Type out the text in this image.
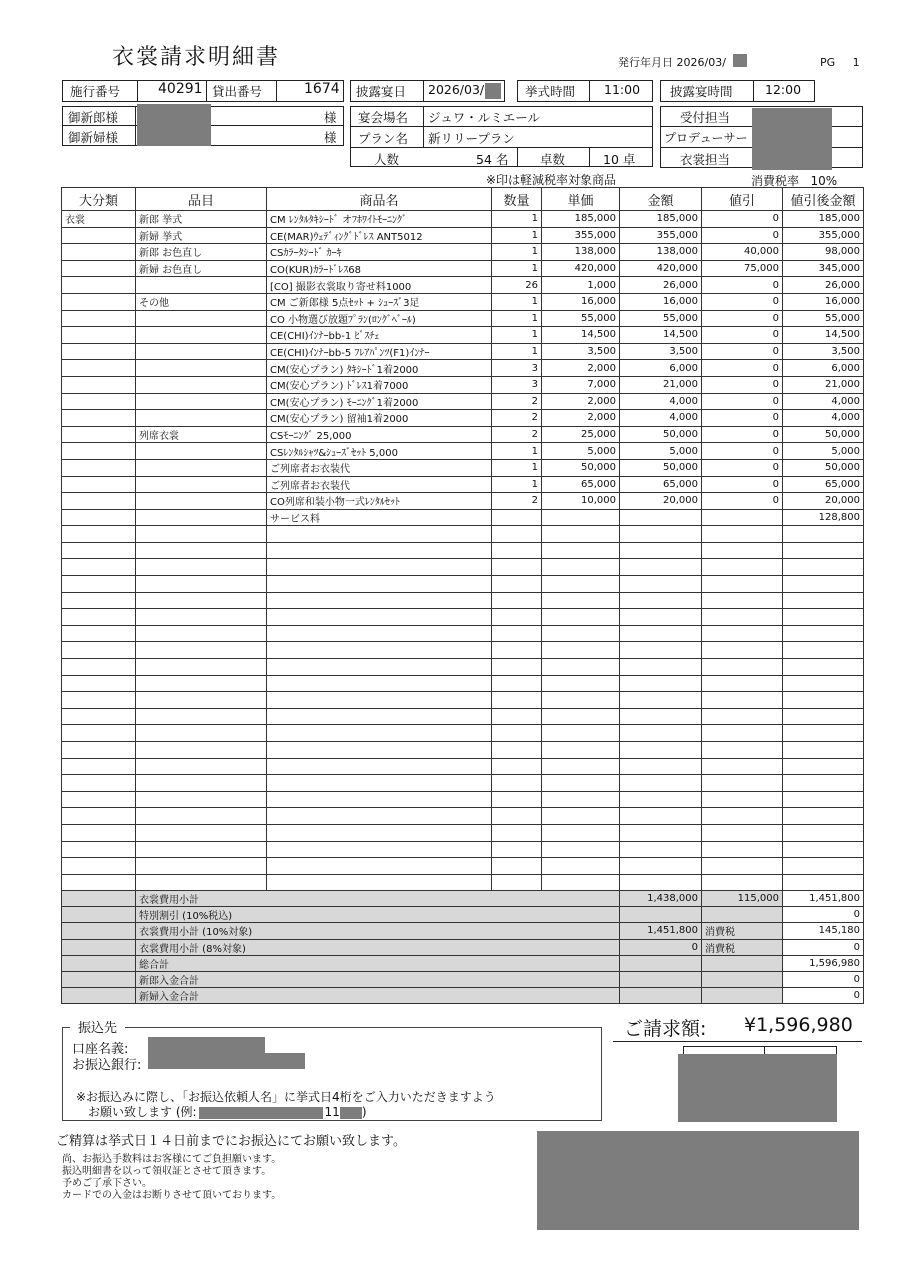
衣裳請求明細書	発行年月日 2026/03/	PG 1
施行番号	40291 貸出番号	1674 披露宴日 2026/03/	挙式時間 11:00 披露宴時間	12:00
御新郎様
御新婦様
様
様
宴会場名 ジュワ・ルミエール
プラン名 新リリープラン
人数	54 名	卓数	10 卓
受付担当
プロデューサー
衣裳担当
※印は軽減税率対象商品	消費税率 10%
大分類	品目	商品名	数量	単価	金額	値引	値引後金額
衣裳	新郎 挙式	CM ﾚﾝﾀﾙﾀｷｼｰﾄﾞ オﾌﾎﾜｲﾄﾓｰﾆﾝｸﾞ	1	185,000	185,000	0	185,000
	新婦 挙式	CE(MAR)ｳｪﾃﾞｨﾝｸﾞﾄﾞﾚｽ ANT5012	1	355,000	355,000	0	355,000
	新郎 お色直し	CSｶﾗｰﾀｼｰﾄﾞ ｶｰｷ	1	138,000	138,000	40,000	98,000
	新婦 お色直し	CO(KUR)ｶﾗｰﾄﾞﾚｽ68	1	420,000	420,000	75,000	345,000
		[CO] 撮影衣裳取り寄せ料1000	26	1,000	26,000	0	26,000
	その他	CM ご新郎様 5点ｾｯﾄ + ｼｭｰｽﾞ3足	1	16,000	16,000	0	16,000
		CO 小物選び放題ﾌﾟﾗﾝ(ﾛﾝｸﾞﾍﾞｰﾙ)	1	55,000	55,000	0	55,000
		CE(CHI)ｲﾝﾅｰbb-1 ﾋﾞｽﾁｪ	1	14,500	14,500	0	14,500
		CE(CHI)ｲﾝﾅｰbb-5 ﾌﾚｱﾊﾟﾝﾂ(F1)ｲﾝﾅｰ	1	3,500	3,500	0	3,500
		CM(安心プラン) ﾀｷｼｰﾄﾞ1着2000	3	2,000	6,000	0	6,000
		CM(安心プラン) ﾄﾞﾚｽ1着7000	3	7,000	21,000	0	21,000
		CM(安心プラン) ﾓｰﾆﾝｸﾞ1着2000	2	2,000	4,000	0	4,000
		CM(安心プラン) 留袖1着2000	2	2,000	4,000	0	4,000
	列席衣裳	CSﾓｰﾆﾝｸﾞ 25,000	2	25,000	50,000	0	50,000
		CSﾚﾝﾀﾙｼｬﾂ&ｼｭｰｽﾞｾｯﾄ 5,000	1	5,000	5,000	0	5,000
		ご列席者お衣装代	1	50,000	50,000	0	50,000
		ご列席者お衣装代	1	65,000	65,000	0	65,000
		CO列席和装小物一式ﾚﾝﾀﾙｾｯﾄ	2	10,000	20,000	0	20,000
		サービス料					128,800

	衣裳費用小計	1,438,000	115,000	1,451,800
	特別割引 (10%税込)			0
	衣裳費用小計 (10%対象)	1,451,800	消費税	145,180
	衣裳費用小計 (8%対象)	0	消費税	0
	総合計			1,596,980
	新郎入金合計			0
	新婦入金合計			0
振込先
口座名義:
お振込銀行:
※お振込みに際し、「お振込依頼人名」に挙式日4桁をご入力いただきますよう
お願い致します (例:	11 )
ご請求額: ¥1,596,980
ご精算は挙式日１４日前までにお振込にてお願い致します。
尚、お振込手数料はお客様にてご負担願います。
振込明細書を以って領収証とさせて頂きます。
予めご了承下さい。
カードでの入金はお断りさせて頂いております。
